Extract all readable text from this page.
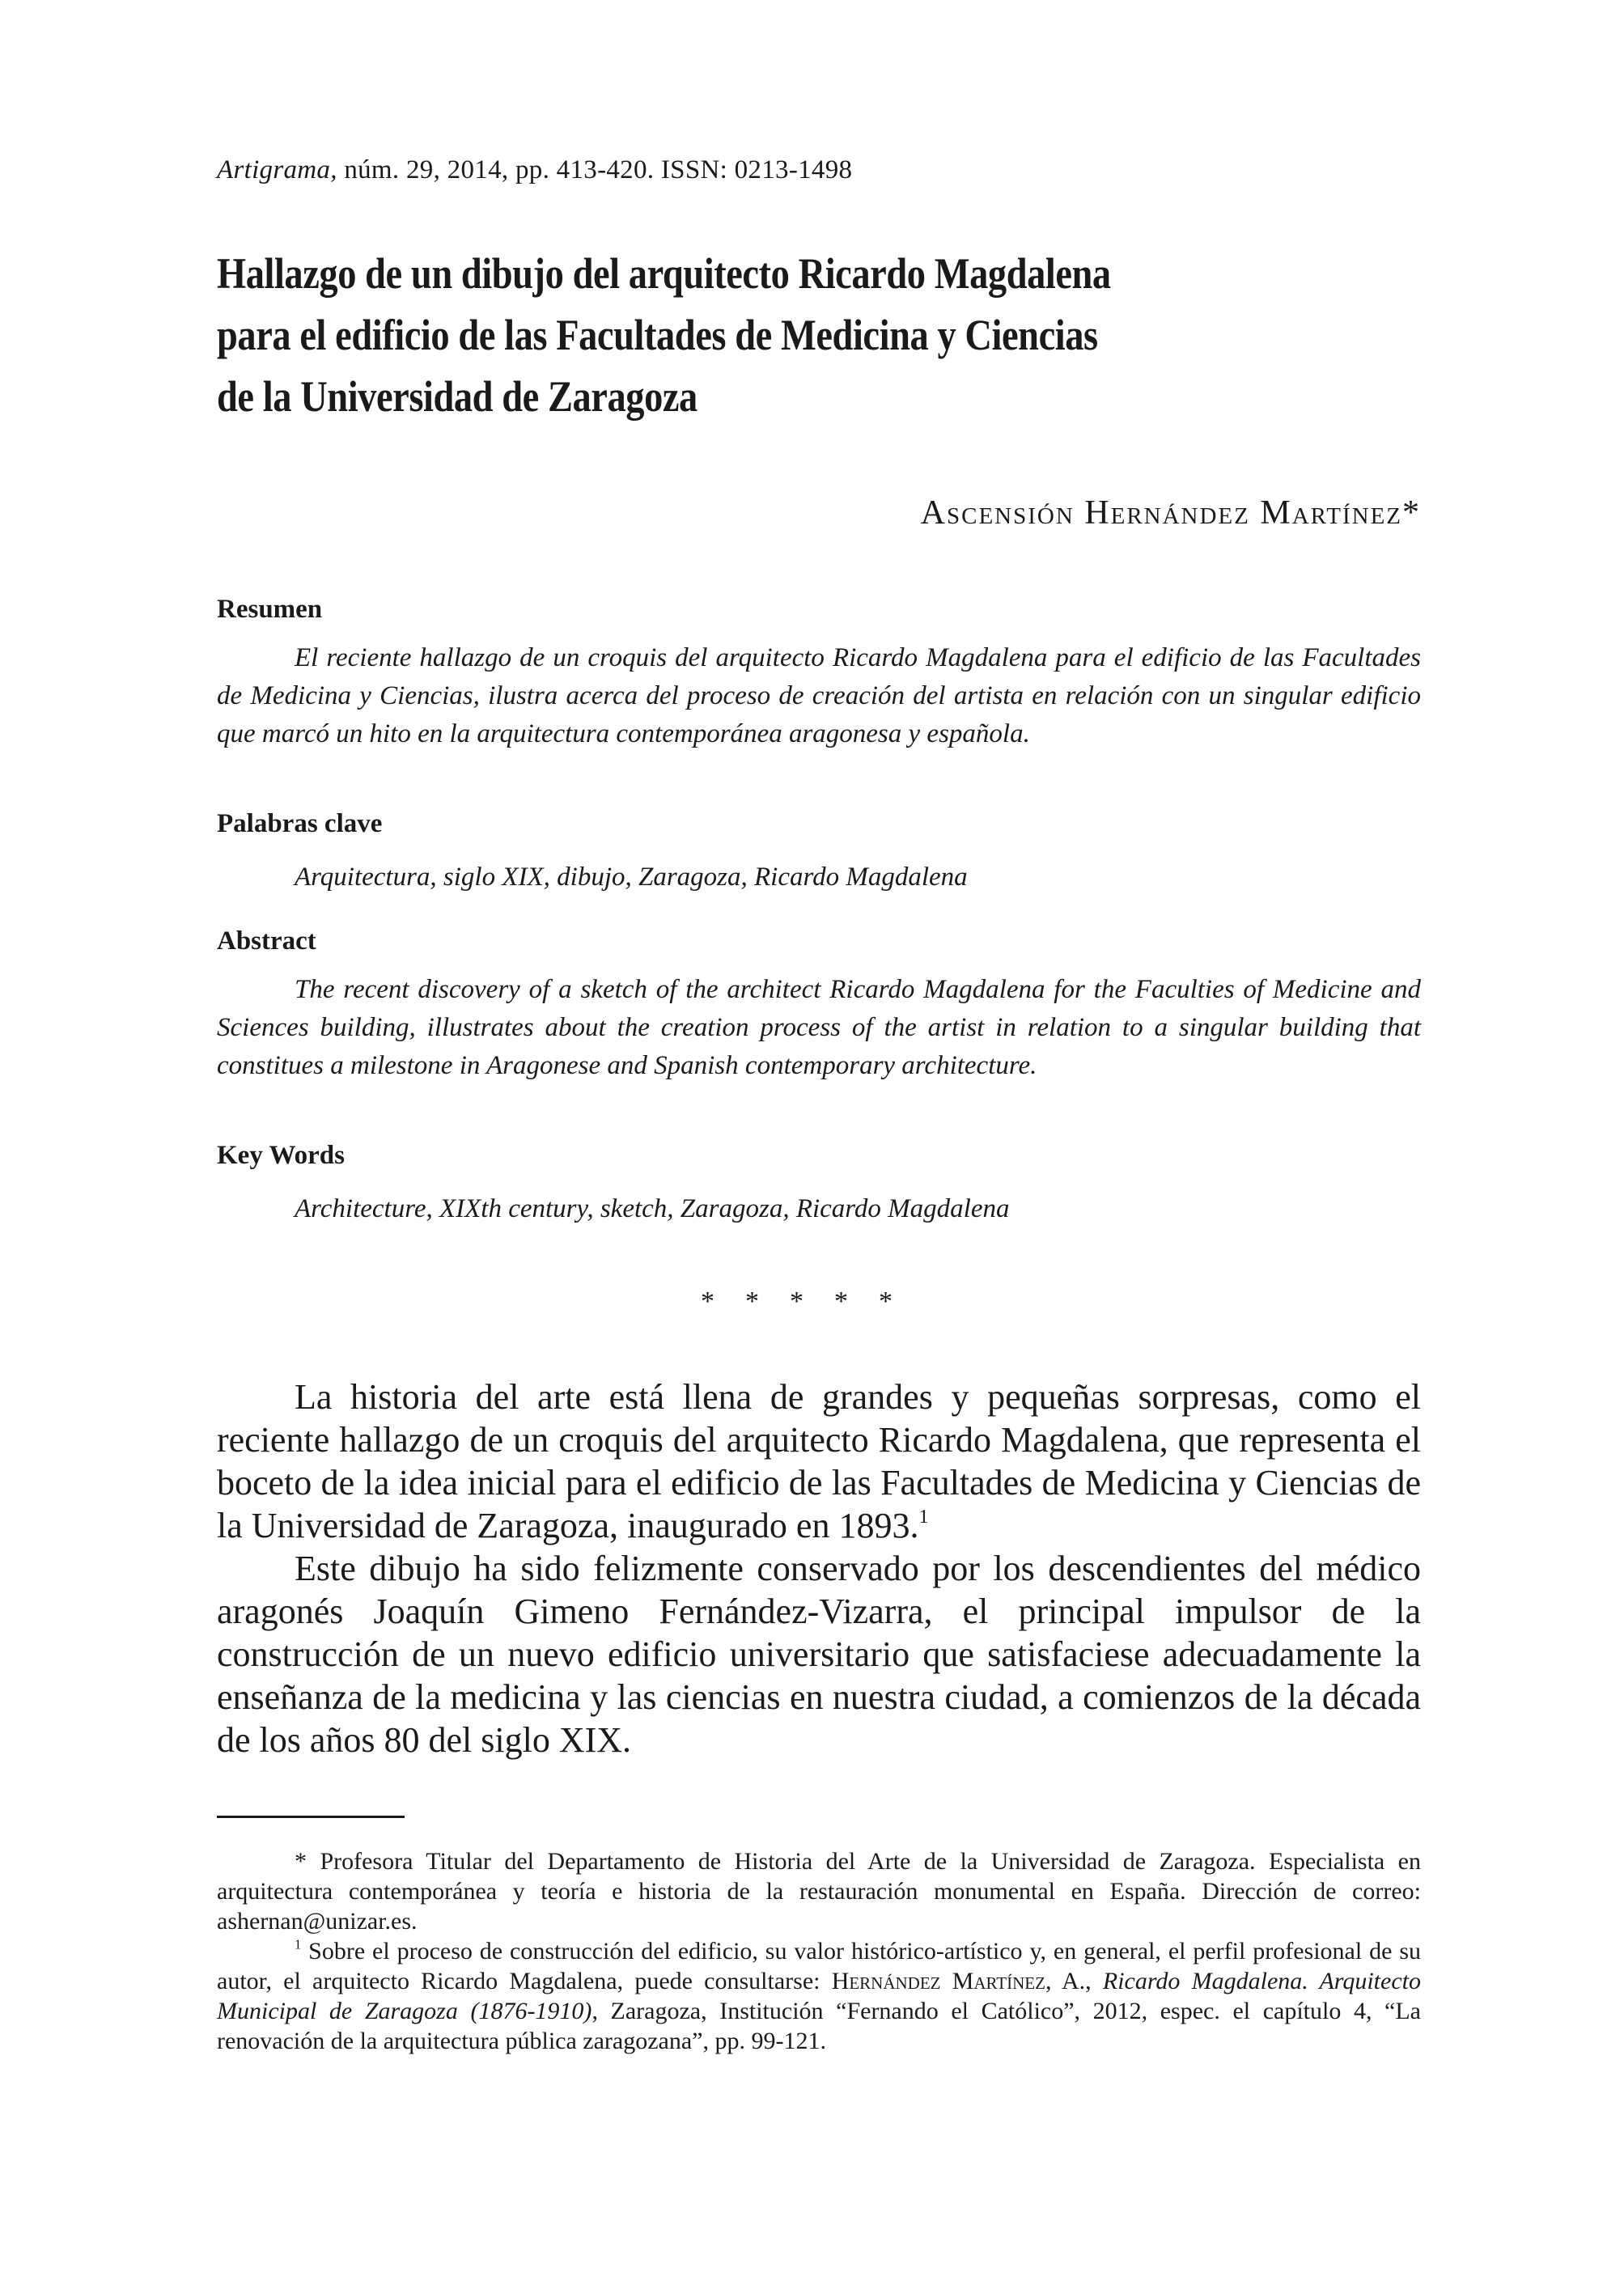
Artigrama, núm. 29, 2014, pp. 413-420. ISSN: 0213-1498
Hallazgo de un dibujo del arquitecto Ricardo Magdalena
para el edificio de las Facultades de Medicina y Ciencias
de la Universidad de Zaragoza
Ascensión Hernández Martínez*
Resumen
El reciente hallazgo de un croquis del arquitecto Ricardo Magdalena para el edificio de las Facultades de Medicina y Ciencias, ilustra acerca del proceso de creación del artista en relación con un singular edificio que marcó un hito en la arquitectura contemporánea aragonesa y española.
Palabras clave
Arquitectura, siglo XIX, dibujo, Zaragoza, Ricardo Magdalena
Abstract
The recent discovery of a sketch of the architect Ricardo Magdalena for the Faculties of Medicine and Sciences building, illustrates about the creation process of the artist in relation to a singular building that constitues a milestone in Aragonese and Spanish contemporary architecture.
Key Words
Architecture, XIXth century, sketch, Zaragoza, Ricardo Magdalena
*****

La historia del arte está llena de grandes y pequeñas sorpresas, como el reciente hallazgo de un croquis del arquitecto Ricardo Magdalena, que representa el boceto de la idea inicial para el edificio de las Facultades de Medicina y Ciencias de la Universidad de Zaragoza, inaugurado en 1893.$^1$

Este dibujo ha sido felizmente conservado por los descendientes del médico aragonés Joaquín Gimeno Fernández-Vizarra, el principal impulsor de la construcción de un nuevo edificio universitario que satisfaciese adecuadamente la enseñanza de la medicina y las ciencias en nuestra ciudad, a comienzos de la década de los años 80 del siglo XIX.

* Profesora Titular del Departamento de Historia del Arte de la Universidad de Zaragoza. Especialista en arquitectura contemporánea y teoría e historia de la restauración monumental en España. Dirección de correo: ashernan@unizar.es.

$^1$ Sobre el proceso de construcción del edificio, su valor histórico-artístico y, en general, el perfil profesional de su autor, el arquitecto Ricardo Magdalena, puede consultarse: Hernández Martínez, A., Ricardo Magdalena. Arquitecto Municipal de Zaragoza (1876-1910), Zaragoza, Institución “Fernando el Católico”, 2012, espec. el capítulo 4, “La renovación de la arquitectura pública zaragozana”, pp. 99-121.
